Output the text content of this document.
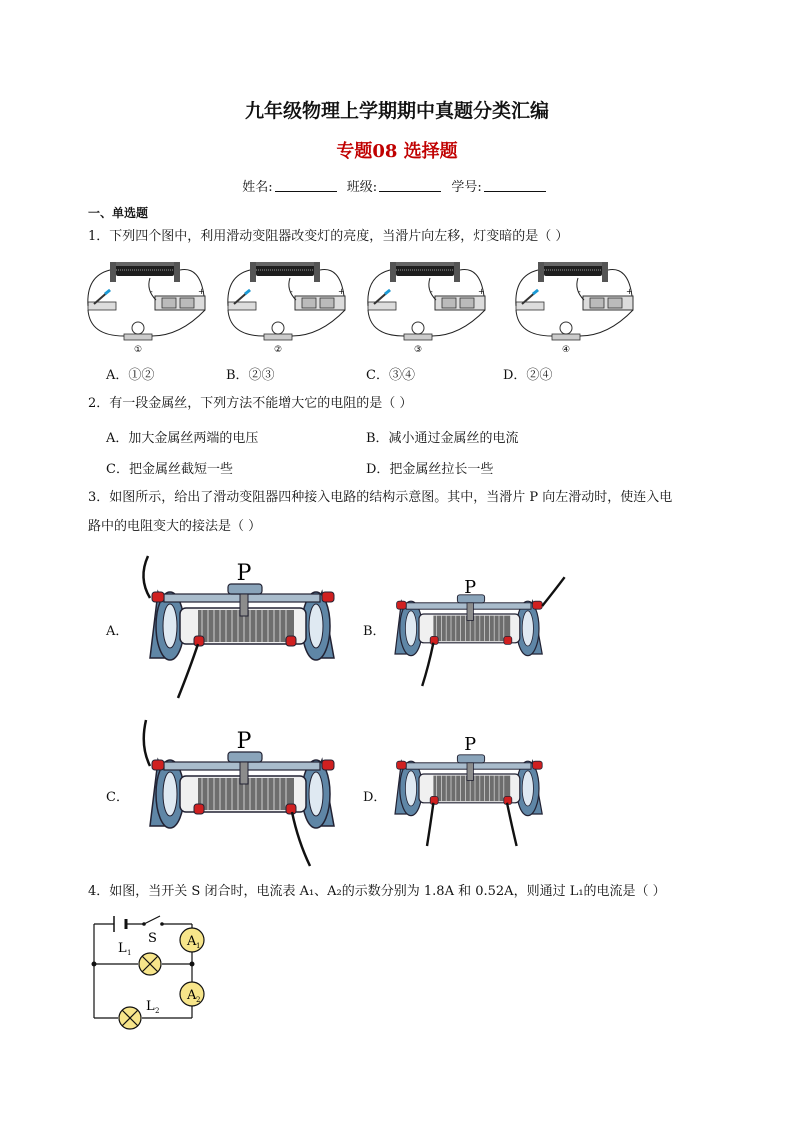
九年级物理上学期期中真题分类汇编
专题08 选择题
姓名:	班级:	学号:
一、单选题
1．下列四个图中，利用滑动变阻器改变灯的亮度，当滑片向左移，灯变暗的是（ ）
①	②	③	④
A．①②	B．②③	C．③④	D．②④
2．有一段金属丝，下列方法不能增大它的电阻的是（ ）
A．加大金属丝两端的电压	B．减小通过金属丝的电流
C．把金属丝截短一些	D．把金属丝拉长一些
3．如图所示，给出了滑动变阻器四种接入电路的结构示意图。其中，当滑片 P 向左滑动时，使连入电
路中的电阻变大的接法是（ ）
A．	B．
C．	D．
P
P
P	P
4．如图，当开关 S 闭合时，电流表 A₁、A₂的示数分别为 1.8A 和 0.52A，则通过 L₁的电流是（ ）
S A 1
A 2
L 1
L 2
